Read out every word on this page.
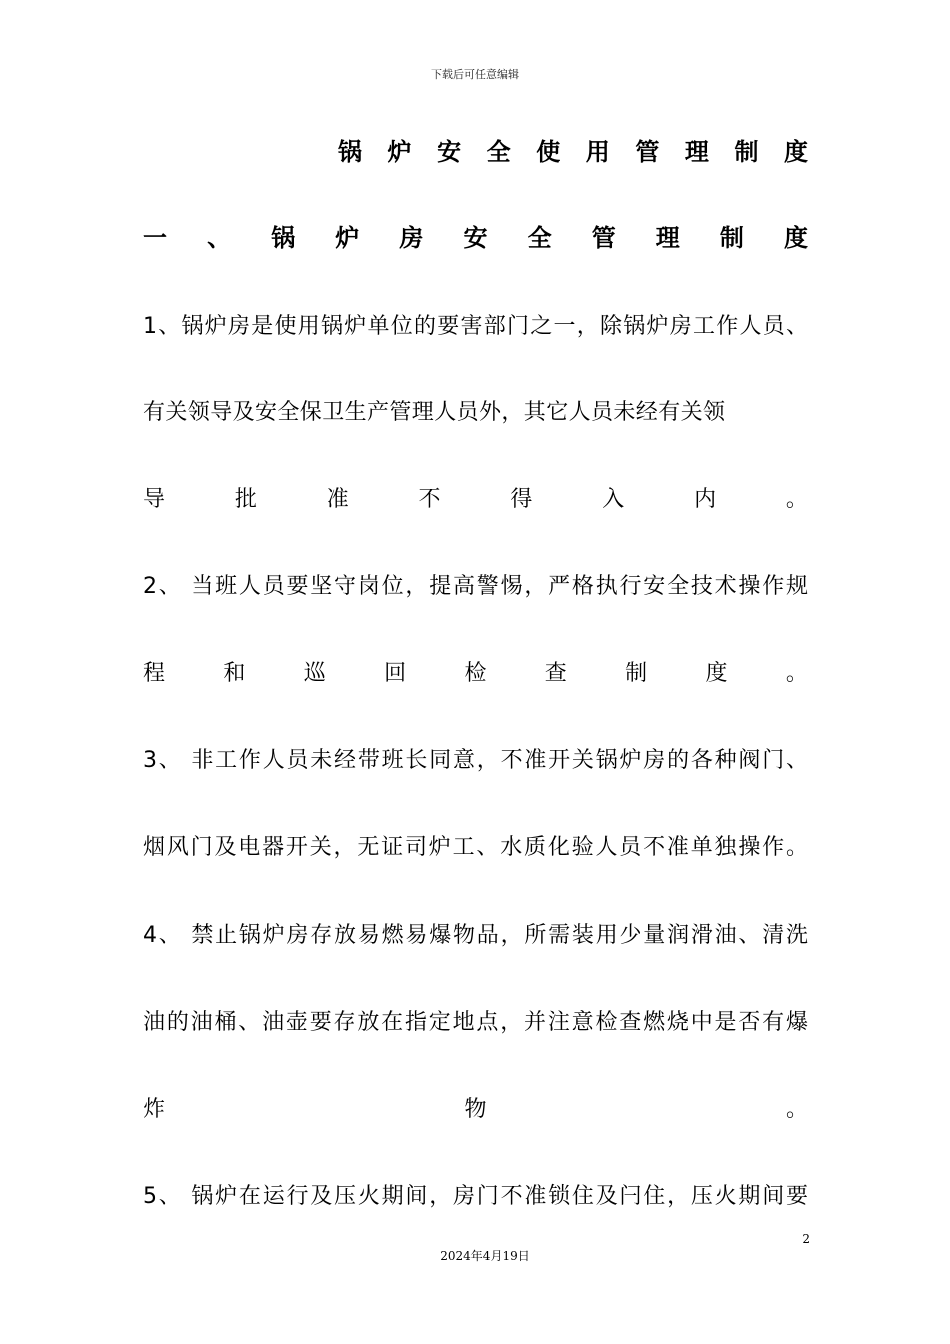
下载后可任意编辑
锅炉安全使用管理制度
一、锅炉房安全管理制度
1、锅炉房是使用锅炉单位的要害部门之一，除锅炉房工作人员、
有关领导及安全保卫生产管理人员外，其它人员未经有关领
导	批	准	不	得	入	内	。
2、 当班人员要坚守岗位，提高警惕，严格执行安全技术操作规
程	和	巡	回	检	查	制	度	。
3、 非工作人员未经带班长同意，不准开关锅炉房的各种阀门、
烟风门及电器开关，无证司炉工、水质化验人员不准单独操作。
4、 禁止锅炉房存放易燃易爆物品，所需装用少量润滑油、清洗
油的油桶、油壶要存放在指定地点，并注意检查燃烧中是否有爆
炸	物	。
5、 锅炉在运行及压火期间，房门不准锁住及闩住，压火期间要
2
2024年4月19日
